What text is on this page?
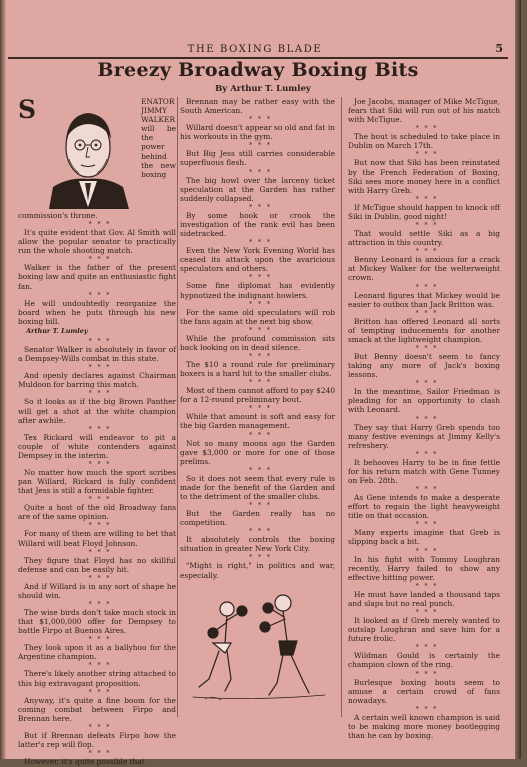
THE BOXING BLADE	5
Breezy Broadway Boxing Bits
By Arthur T. Lumley
S	ENATOR JIMMY WALKER will be the power behind the new boxing commission's throne.

* * *

It's quite evident that Gov. Al Smith will allow the popular senator to practically run the whole shooting match.

* * *

Walker is the father of the present boxing law and quite an enthusiastic fight fan.

* * *

He will undoubtedly reorganize the board when he puts through his new boxing bill.

Arthur T. Lumley

* * *

Senator Walker is absolutely in favor of a Dempsey-Wills combat in this state.

* * *

And openly declares against Chairman Muldoon for barring this match.

* * *

So it looks as if the big Brown Panther will get a shot at the white champion after awhile.

* * *

Tex Rickard will endeavor to pit a couple of white contenders against Dempsey in the interim.

* * *

No matter how much the sport scribes pan Willard, Rickard is fully confident that Jess is still a formidable fighter.

* * *

Quite a host of the old Broadway fans are of the same opinion.

* * *

For many of them are willing to bet that Willard will beat Floyd Johnson.

* * *

They figure that Floyd has no skillful defense and can be easily hit.

* * *

And if Willard is in any sort of shape he should win.

* * *

The wise birds don't take much stock in that $1,000,000 offer for Dempsey to battle Firpo at Buenos Aires.

* * *

They look upon it as a ballyhoo for the Argentine champion.

* * *

There's likely another string attached to this big extravagant proposition.

* * *

Anyway, it's quite a fine boom for the coming combat between Firpo and Brennan here.

* * *

But if Brennan defeats Firpo how the latter's rep will flop.

* * *

However, it's quite possible that

Brennan may be rather easy with the South American.

* * *

Willard doesn't appear so old and fat in his workouts in the gym.

* * *

But Big Jess still carries considerable superfluous flesh.

* * *

The big howl over the larceny ticket speculation at the Garden has rather suddenly collapsed.

* * *

By some hook or crook the investigation of the rank evil has been sidetracked.

* * *

Even the New York Evening World has ceased its attack upon the avaricious speculators and others.

* * *

Some fine diplomat has evidently hypnotized the indignant howlers.

* * *

For the same old speculators will rob the fans again at the next big show.

* * *

While the profound commission sits back looking on in dead silence.

* * *

The $10 a round rule for preliminary boxers is a hard hit to the smaller clubs.

* * *

Most of them cannot afford to pay $240 for a 12-round preliminary bout.

* * *

While that amount is soft and easy for the big Garden management.

* * *

Not so many moons ago the Garden gave $3,000 or more for one of those prelims.

* * *

So it does not seem that every rule is made for the benefit of the Garden and to the detriment of the smaller clubs.

* * *

But the Garden really has no competition.

* * *

It absolutely controls the boxing situation in greater New York City.

* * *

"Might is right," in politics and war, especially.

Joe Jacobs, manager of Mike McTigue, fears that Siki will run out of his match with McTigue.

* * *

The bout is scheduled to take place in Dublin on March 17th.

* * *

But now that Siki has been reinstated by the French Federation of Boxing, Siki sees more money here in a conflict with Harry Greb.

* * *

If McTigue should happen to knock off Siki in Dublin, good night!

* * *

That would settle Siki as a big attraction in this country.

* * *

Benny Leonard is anxious for a crack at Mickey Walker for the welterweight crown.

* * *

Leonard figures that Mickey would be easier to outbox than Jack Britton was.

* * *

Britton has offered Leonard all sorts of tempting inducements for another smack at the lightweight champion.

* * *

But Benny doesn't seem to fancy taking any more of Jack's boxing lessons.

* * *

In the meantime, Sailor Friedman is pleading for an opportunity to clash with Leonard.

* * *

They say that Harry Greb spends too many festive evenings at Jimmy Kelly's refreshery.

* * *

It behooves Harry to be in fine fettle for his return match with Gene Tunney on Feb. 28th.

* * *

As Gene intends to make a desperate effort to regain the light heavyweight title on that occasion.

* * *

Many experts imagine that Greb is slipping back a bit.

* * *

In his fight with Tommy Loughran recently, Harry failed to show any effective hitting power.

* * *

He must have landed a thousand taps and slaps but no real punch.

* * *

It looked as if Greb merely wanted to outslap Loughran and save him for a future frolic.

* * *

Wildman Gould is certainly the champion clown of the ring.

* * *

Burlesque boxing bouts seem to amuse a certain crowd of fans nowadays.

* * *

A certain well known champion is said to be making more money bootlegging than he can by boxing.
